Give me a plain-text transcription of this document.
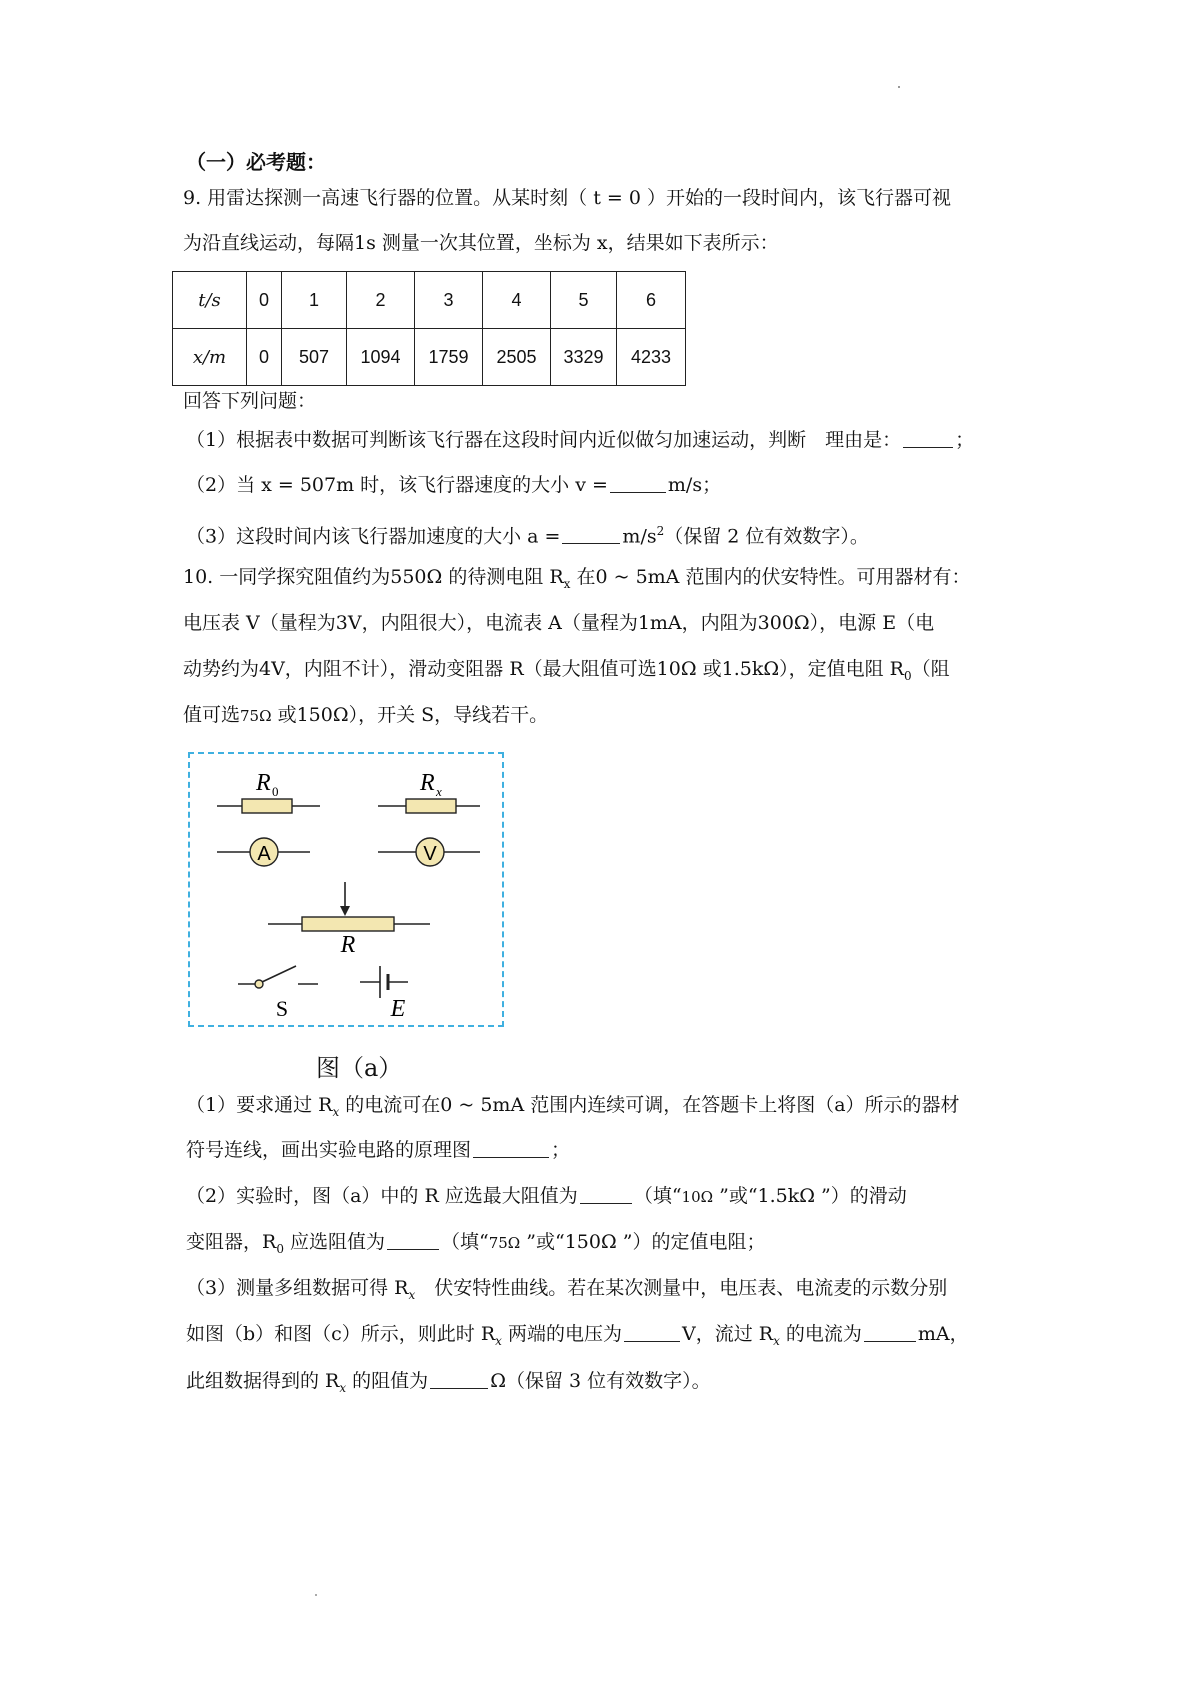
（一）必考题：
9. 用雷达探测一高速飞行器的位置。从某时刻（ t = 0 ）开始的一段时间内，该飞行器可视
为沿直线运动，每隔1s 测量一次其位置，坐标为 x，结果如下表所示：
t/s	0	1	2	3	4	5	6
x/m	0	507	1094	1759	2505	3329	4233
回答下列问题：
（1）根据表中数据可判断该飞行器在这段时间内近似做匀加速运动，判断　理由是：	；
（2）当 x = 507m 时，该飞行器速度的大小 v =	m/s；
（3）这段时间内该飞行器加速度的大小 a =	$m/s^2$（保留 2 位有效数字）。
10. 一同学探究阻值约为550Ω 的待测电阻 $R_x$ 在0 ~ 5mA 范围内的伏安特性。可用器材有：
电压表 V（量程为3V，内阻很大），电流表 A（量程为1mA，内阻为300Ω），电源 E（电
动势约为4V，内阻不计），滑动变阻器 R（最大阻值可选10Ω 或1.5kΩ），定值电阻 $R_0$（阻
值可选75Ω 或150Ω），开关 S，导线若干。
R 0	R x
A	V
R
S	E
图（a）
（1）要求通过 $R_x$ 的电流可在0 ~ 5mA 范围内连续可调，在答题卡上将图（a）所示的器材
符号连线，画出实验电路的原理图	；
（2）实验时，图（a）中的 R 应选最大阻值为	（填“10Ω ”或“1.5kΩ ”）的滑动
变阻器，$R_0$ 应选阻值为	（填“75Ω ”或“150Ω ”）的定值电阻；
（3）测量多组数据可得 $R_x$　伏安特性曲线。若在某次测量中，电压表、电流麦的示数分别
如图（b）和图（c）所示，则此时 $R_x$ 两端的电压为	V，流过 $R_x$ 的电流为	mA，
此组数据得到的 $R_x$ 的阻值为	Ω（保留 3 位有效数字）。
